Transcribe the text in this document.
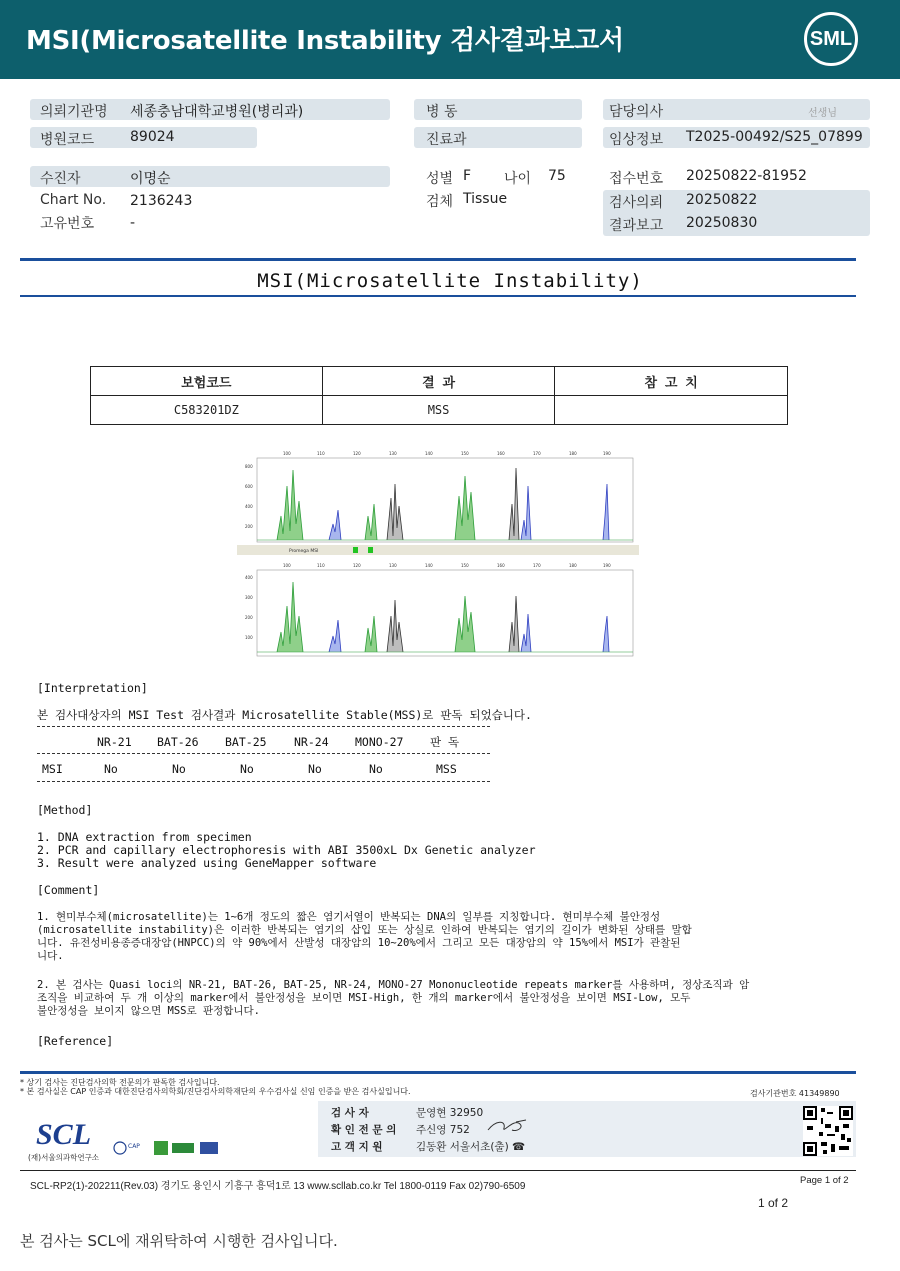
MSI(Microsatellite Instability 검사결과보고서	SML
의뢰기관명 세종충남대학교병원(병리과)
병원코드	89024
수진자	이명순
Chart No. 2136243
고유번호	-
병 동
진료과
성별 F 나이 75
검체 Tissue
담당의사	선생님
임상정보 T2025-00492/S25_07899
접수번호 20250822-81952
검사의뢰 20250822
결과보고 20250830
MSI(Microsatellite Instability)
보험코드	결 과	참 고 치
C583201DZ	MSS	
100	110	120	130	140	150	160	170	180	190
800
600
400
200
Promega MSI
100	110	120	130	140	150	160	170	180	190
400
300
200
100
[Interpretation]
본 검사대상자의 MSI Test 검사결과 Microsatellite Stable(MSS)로 판독 되었습니다.
NR-21 BAT-26 BAT-25 NR-24 MONO-27 판 독
MSI	No	No	No	No	No	MSS
[Method]
1. DNA extraction from specimen
2. PCR and capillary electrophoresis with ABI 3500xL Dx Genetic analyzer
3. Result were analyzed using GeneMapper software
[Comment]
1. 현미부수체(microsatellite)는 1~6개 정도의 짧은 염기서열이 반복되는 DNA의 일부를 지칭합니다. 현미부수체 불안정성
(microsatellite instability)은 이러한 반복되는 염기의 삽입 또는 상실로 인하여 반복되는 염기의 길이가 변화된 상태를 말합
니다. 유전성비용종증대장암(HNPCC)의 약 90%에서 산발성 대장암의 10~20%에서 그리고 모든 대장암의 약 15%에서 MSI가 관찰된
니다.
2. 본 검사는 Quasi loci의 NR-21, BAT-26, BAT-25, NR-24, MONO-27 Mononucleotide repeats marker를 사용하며, 정상조직과 암
조직을 비교하여 두 개 이상의 marker에서 불안정성을 보이면 MSI-High, 한 개의 marker에서 불안정성을 보이면 MSI-Low, 모두
불안정성을 보이지 않으면 MSS로 판정합니다.
[Reference]
* 상기 검사는 진단검사의학 전문의가 판독한 검사입니다.
* 본 검사실은 CAP 인증과 대한진단검사의학회/진단검사의학재단의 우수검사실 신임 인증을 받은 검사실입니다.	검사기관번호 41349890
검 사 자	문영현 32950
확 인 전 문 의 주신영 752
고 객 지 원	김동환 서울서초(출) ☎
SCL
(재)서울의과학연구소
CAP
SCL-RP2(1)-202211(Rev.03) 경기도 용인시 기흥구 흥덕1로 13 www.scllab.co.kr Tel 1800-0119 Fax 02)790-6509
Page 1 of 2
1 of 2
본 검사는 SCL에 재위탁하여 시행한 검사입니다.
